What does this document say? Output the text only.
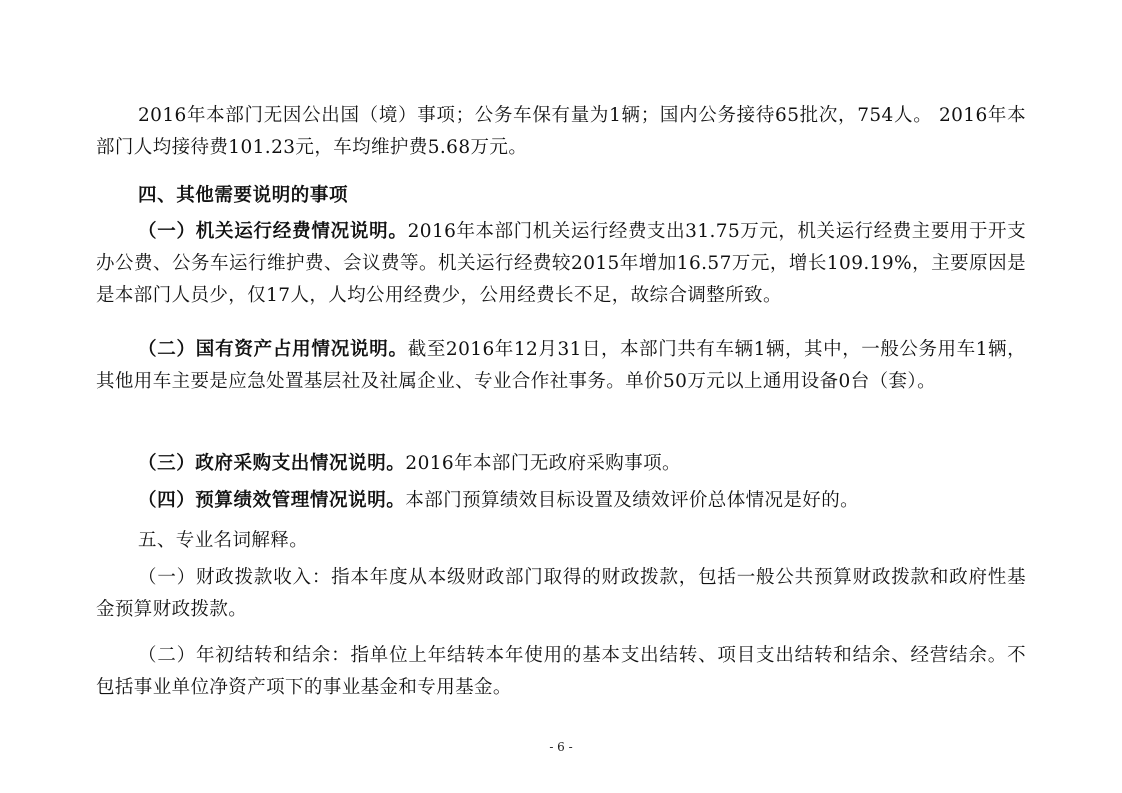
2016年本部门无因公出国（境）事项；公务车保有量为1辆；国内公务接待65批次，754人。 2016年本部门人均接待费101.23元，车均维护费5.68万元。

四、其他需要说明的事项

（一）机关运行经费情况说明。2016年本部门机关运行经费支出31.75万元，机关运行经费主要用于开支办公费、公务车运行维护费、会议费等。机关运行经费较2015年增加16.57万元，增长109.19%，主要原因是是本部门人员少，仅17人，人均公用经费少，公用经费长不足，故综合调整所致。

（二）国有资产占用情况说明。截至2016年12月31日，本部门共有车辆1辆，其中，一般公务用车1辆，其他用车主要是应急处置基层社及社属企业、专业合作社事务。单价50万元以上通用设备0台（套）。

（三）政府采购支出情况说明。2016年本部门无政府采购事项。

（四）预算绩效管理情况说明。本部门预算绩效目标设置及绩效评价总体情况是好的。

五、专业名词解释。

（一）财政拨款收入：指本年度从本级财政部门取得的财政拨款，包括一般公共预算财政拨款和政府性基金预算财政拨款。

（二）年初结转和结余：指单位上年结转本年使用的基本支出结转、项目支出结转和结余、经营结余。不包括事业单位净资产项下的事业基金和专用基金。

- 6 -
